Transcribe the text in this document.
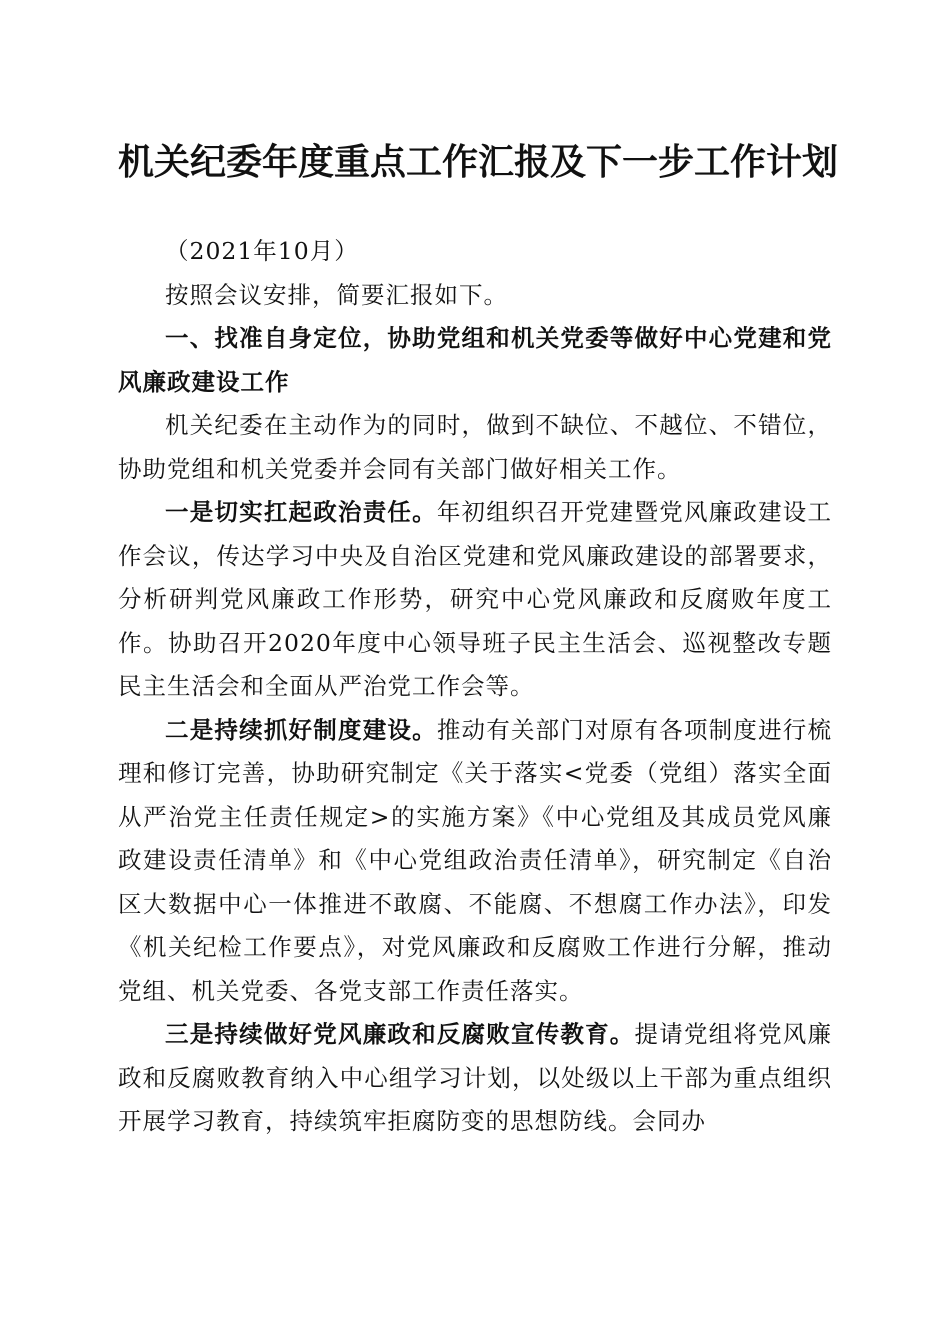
机关纪委年度重点工作汇报及下一步工作计划

（2021年10月）

按照会议安排，简要汇报如下。

一、找准自身定位，协助党组和机关党委等做好中心党建和党风廉政建设工作

机关纪委在主动作为的同时，做到不缺位、不越位、不错位，协助党组和机关党委并会同有关部门做好相关工作。

一是切实扛起政治责任。年初组织召开党建暨党风廉政建设工作会议，传达学习中央及自治区党建和党风廉政建设的部署要求，分析研判党风廉政工作形势，研究中心党风廉政和反腐败年度工作。协助召开2020年度中心领导班子民主生活会、巡视整改专题民主生活会和全面从严治党工作会等。

二是持续抓好制度建设。推动有关部门对原有各项制度进行梳理和修订完善，协助研究制定《关于落实<党委（党组）落实全面从严治党主任责任规定>的实施方案》《中心党组及其成员党风廉政建设责任清单》和《中心党组政治责任清单》，研究制定《自治区大数据中心一体推进不敢腐、不能腐、不想腐工作办法》，印发《机关纪检工作要点》，对党风廉政和反腐败工作进行分解，推动党组、机关党委、各党支部工作责任落实。

三是持续做好党风廉政和反腐败宣传教育。提请党组将党风廉政和反腐败教育纳入中心组学习计划，以处级以上干部为重点组织开展学习教育，持续筑牢拒腐防变的思想防线。会同办
